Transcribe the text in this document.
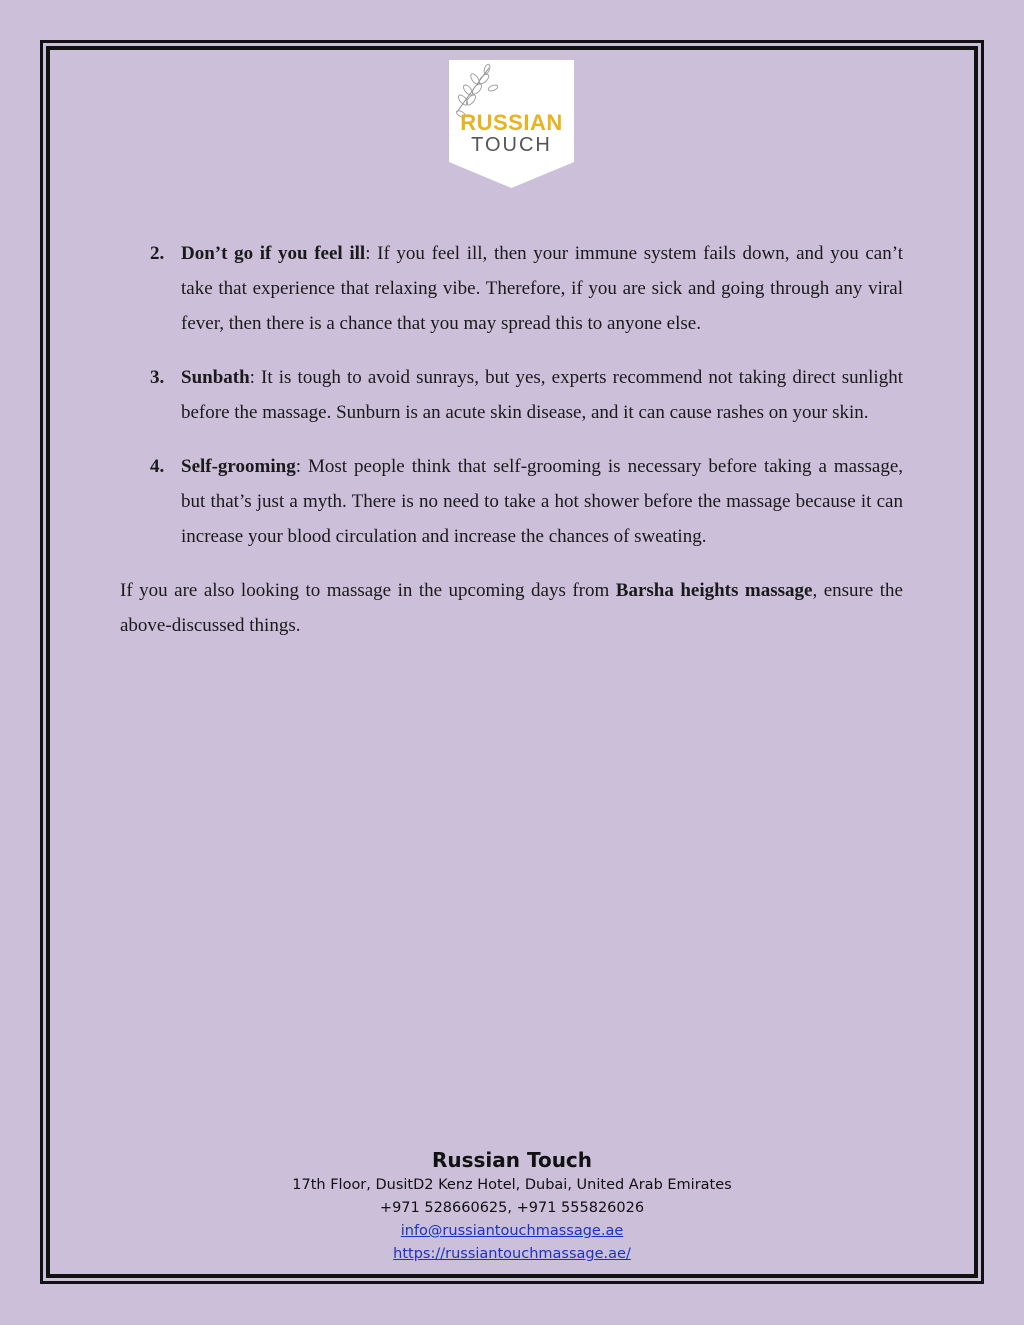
RUSSIAN
TOUCH
2. Don’t go if you feel ill: If you feel ill, then your immune system fails down, and you can’t take that experience that relaxing vibe. Therefore, if you are sick and going through any viral fever, then there is a chance that you may spread this to anyone else.
3. Sunbath: It is tough to avoid sunrays, but yes, experts recommend not taking direct sunlight before the massage. Sunburn is an acute skin disease, and it can cause rashes on your skin.
4. Self-grooming: Most people think that self-grooming is necessary before taking a massage, but that’s just a myth. There is no need to take a hot shower before the massage because it can increase your blood circulation and increase the chances of sweating.

If you are also looking to massage in the upcoming days from Barsha heights massage, ensure the above-discussed things.

Russian Touch
17th Floor, DusitD2 Kenz Hotel, Dubai, United Arab Emirates
+971 528660625, +971 555826026
info@russiantouchmassage.ae
https://russiantouchmassage.ae/
